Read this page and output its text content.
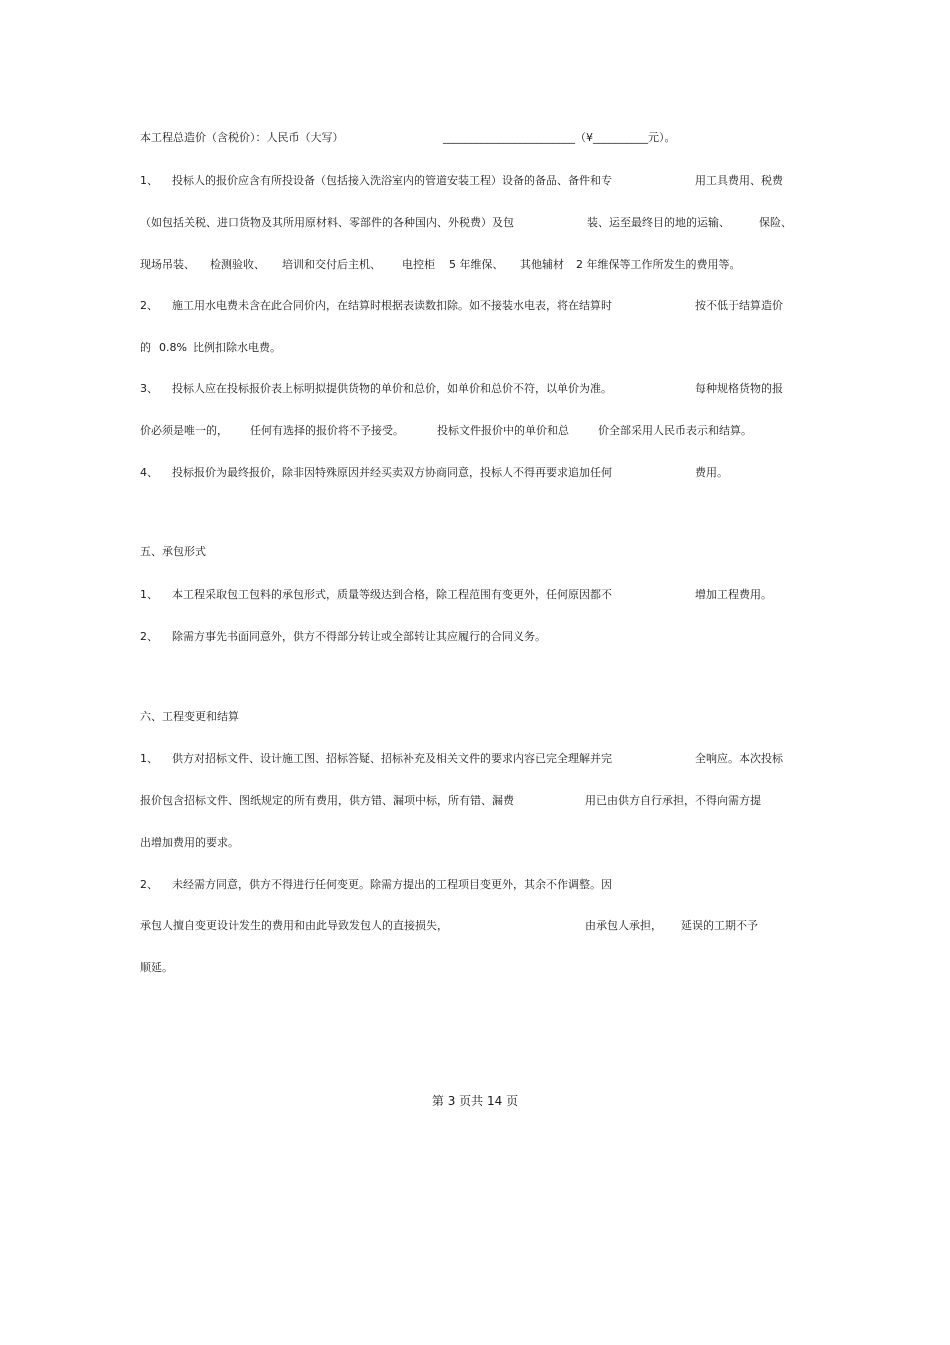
本工程总造价（含税价）：人民币（大写）	________________________（¥__________元）。
1、 投标人的报价应含有所投设备（包括接入洗浴室内的管道安装工程）设备的备品、备件和专	用工具费用、税费
（如包括关税、进口货物及其所用原材料、零部件的各种国内、外税费）及包	装、运至最终目的地的运输、	保险、
现场吊装、 检测验收、 培训和交付后主机、 电控柜 5 年维保、 其他辅材 2 年维保等工作所发生的费用等。
2、 施工用水电费未含在此合同价内，在结算时根据表读数扣除。如不接装水电表，将在结算时	按不低于结算造价
的 0.8% 比例扣除水电费。
3、 投标人应在投标报价表上标明拟提供货物的单价和总价，如单价和总价不符，以单价为准。	每种规格货物的报
价必须是唯一的， 任何有选择的报价将不予接受。	投标文件报价中的单价和总	价全部采用人民币表示和结算。
4、 投标报价为最终报价，除非因特殊原因并经买卖双方协商同意，投标人不得再要求追加任何	费用。
五、承包形式
1、 本工程采取包工包料的承包形式，质量等级达到合格，除工程范围有变更外，任何原因都不	增加工程费用。
2、 除需方事先书面同意外，供方不得部分转让或全部转让其应履行的合同义务。
六、工程变更和结算
1、 供方对招标文件、设计施工图、招标答疑、招标补充及相关文件的要求内容已完全理解并完	全响应。本次投标
报价包含招标文件、图纸规定的所有费用，供方错、漏项中标，所有错、漏费	用已由供方自行承担，不得向需方提
出增加费用的要求。
2、 未经需方同意，供方不得进行任何变更。除需方提出的工程项目变更外，其余不作调整。因
承包人擅自变更设计发生的费用和由此导致发包人的直接损失，	由承包人承担， 延误的工期不予
顺延。
第 3 页共 14 页
